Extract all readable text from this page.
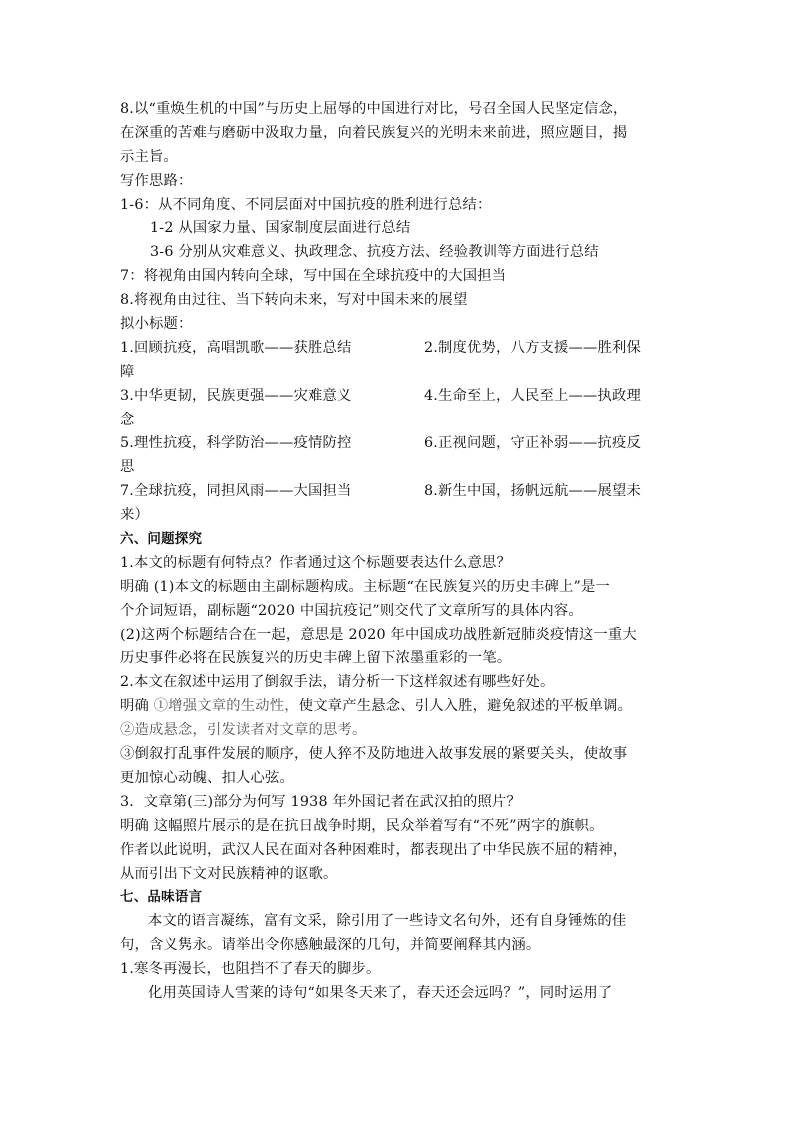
8.以“重焕生机的中国”与历史上屈辱的中国进行对比，号召全国人民坚定信念，
在深重的苦难与磨砺中汲取力量，向着民族复兴的光明未来前进，照应题目，揭
示主旨。
写作思路：
1-6：从不同角度、不同层面对中国抗疫的胜利进行总结：
1-2 从国家力量、国家制度层面进行总结
3-6 分别从灾难意义、执政理念、抗疫方法、经验教训等方面进行总结
7：将视角由国内转向全球，写中国在全球抗疫中的大国担当
8.将视角由过往、当下转向未来，写对中国未来的展望
拟小标题：
1.回顾抗疫，高唱凯歌——获胜总结	2.制度优势，八方支援——胜利保
障
3.中华更韧，民族更强——灾难意义	4.生命至上，人民至上——执政理
念
5.理性抗疫，科学防治——疫情防控	6.正视问题，守正补弱——抗疫反
思
7.全球抗疫，同担风雨——大国担当	8.新生中国，扬帆远航——展望未
来）
六、问题探究
1.本文的标题有何特点？作者通过这个标题要表达什么意思？
明确 (1)本文的标题由主副标题构成。主标题“在民族复兴的历史丰碑上”是一
个介词短语，副标题“2020 中国抗疫记”则交代了文章所写的具体内容。
(2)这两个标题结合在一起，意思是 2020 年中国成功战胜新冠肺炎疫情这一重大
历史事件必将在民族复兴的历史丰碑上留下浓墨重彩的一笔。
2.本文在叙述中运用了倒叙手法，请分析一下这样叙述有哪些好处。
明确 ①增强文章的生动性，使文章产生悬念、引人入胜，避免叙述的平板单调。
②造成悬念，引发读者对文章的思考。
③倒叙打乱事件发展的顺序，使人猝不及防地进入故事发展的紧要关头，使故事
更加惊心动魄、扣人心弦。
3．文章第(三)部分为何写 1938 年外国记者在武汉拍的照片？
明确 这幅照片展示的是在抗日战争时期，民众举着写有“不死”两字的旗帜。
作者以此说明，武汉人民在面对各种困难时，都表现出了中华民族不屈的精神，
从而引出下文对民族精神的讴歌。
七、品味语言
本文的语言凝练，富有文采，除引用了一些诗文名句外，还有自身锤炼的佳
句，含义隽永。请举出令你感触最深的几句，并简要阐释其内涵。
1.寒冬再漫长，也阻挡不了春天的脚步。
化用英国诗人雪莱的诗句“如果冬天来了，春天还会远吗？”，同时运用了
